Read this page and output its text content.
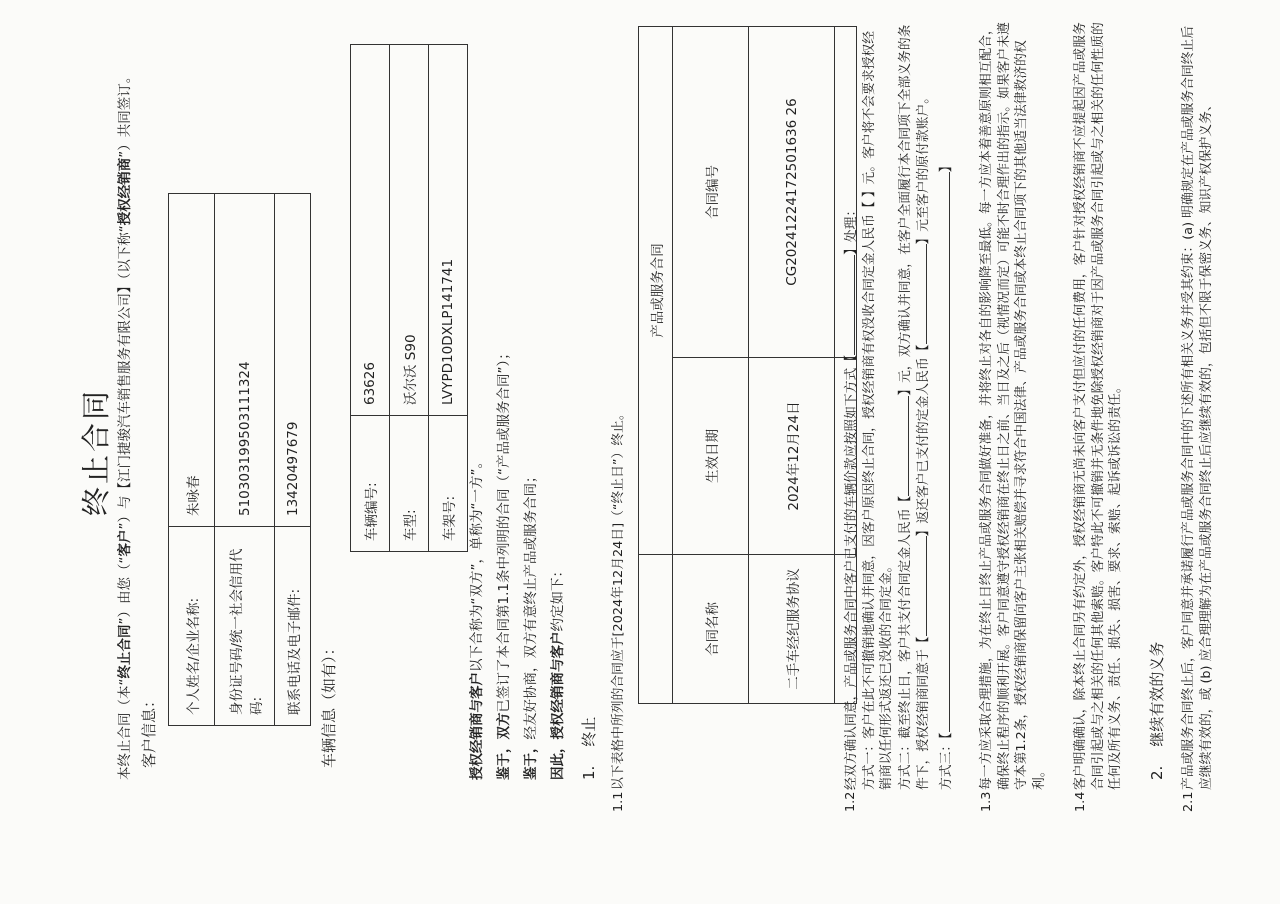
终止合同
本终止合同（本“终止合同”）由您（“客户”）与【江门捷骏汽车销售服务有限公司】（以下称“授权经销商”）共同签订。
客户信息：
个人姓名/企业名称:	朱咏春
身份证号码/统一社会信用代码:	510303199503111324
联系电话及电子邮件:	13420497679
车辆信息（如有）：
车辆编号:	63626
车型:	沃尔沃 S90
车架号:	LVYPD10DXLP141741
授权经销商与客户以下合称为“双方”，单称为“一方”。
鉴于，双方已签订了本合同第1.1条中列明的合同（“产品或服务合同”）；
鉴于，经友好协商，双方有意终止产品或服务合同； 因此，授权经销商与客户约定如下：
1.    终止
1.1
以下表格中所列的合同应于[2024年12月24日]（“终止日”）终止。
	产品或服务合同	
合同名称	生效日期	合同编号
二手车经纪服务协议	2024年12月24日	CG20241224172501636 26

1.2
经双方确认同意，产品或服务合同中客户已支付的车辆价款应按照如下方式【】处理： 方式一：客户在此不可撤销地确认并同意，因客户原因终止合同，授权经销商有权没收合同定金人民币【 】元。客户将不会要求授权经销商以任何形式返还已没收的合同定金。 方式二：截至终止日，客户共支付合同定金人民币【】元，双方确认并同意，在客户全面履行本合同项下全部义务的条件下，授权经销商同意于【】返还客户已支付的定金人民币【】元至客户的原付款账户。
方式三：【】
1.3
每一方应采取合理措施，为在终止日终止产品或服务合同做好准备，并将终止对各自的影响降至最低。每一方应本着善意原则相互配合，确保终止程序的顺利开展。客户同意遵守授权经销商在终止日之前、当日及之后（视情况而定）可能不时合理作出的指示。如果客户未遵守本第1.2条，授权经销商保留向客户主张相关赔偿并寻求符合中国法律、产品或服务合同或本终止合同项下的其他适当法律救济的权利。
1.4
客户明确确认，除本终止合同另有约定外，授权经销商无尚未向客户支付但应付的任何费用，客户针对授权经销商不应提起因产品或服务合同引起或与之相关的任何其他索赔。客户特此不可撤销并无条件地免除授权经销商对于因产品或服务合同引起或与之相关的任何性质的任何及所有义务、责任、损失、损害、要求、索赔、起诉或诉讼的责任。 2.    继续有效的义务
2.1
产品或服务合同终止后，客户同意并承诺履行产品或服务合同中的下述所有相关义务并受其约束：(a) 明确规定在产品或服务合同终止后应继续有效的，或 (b) 应合理理解为在产品或服务合同终止后应继续有效的，包括但不限于保密义务、知识产权保护义务、
